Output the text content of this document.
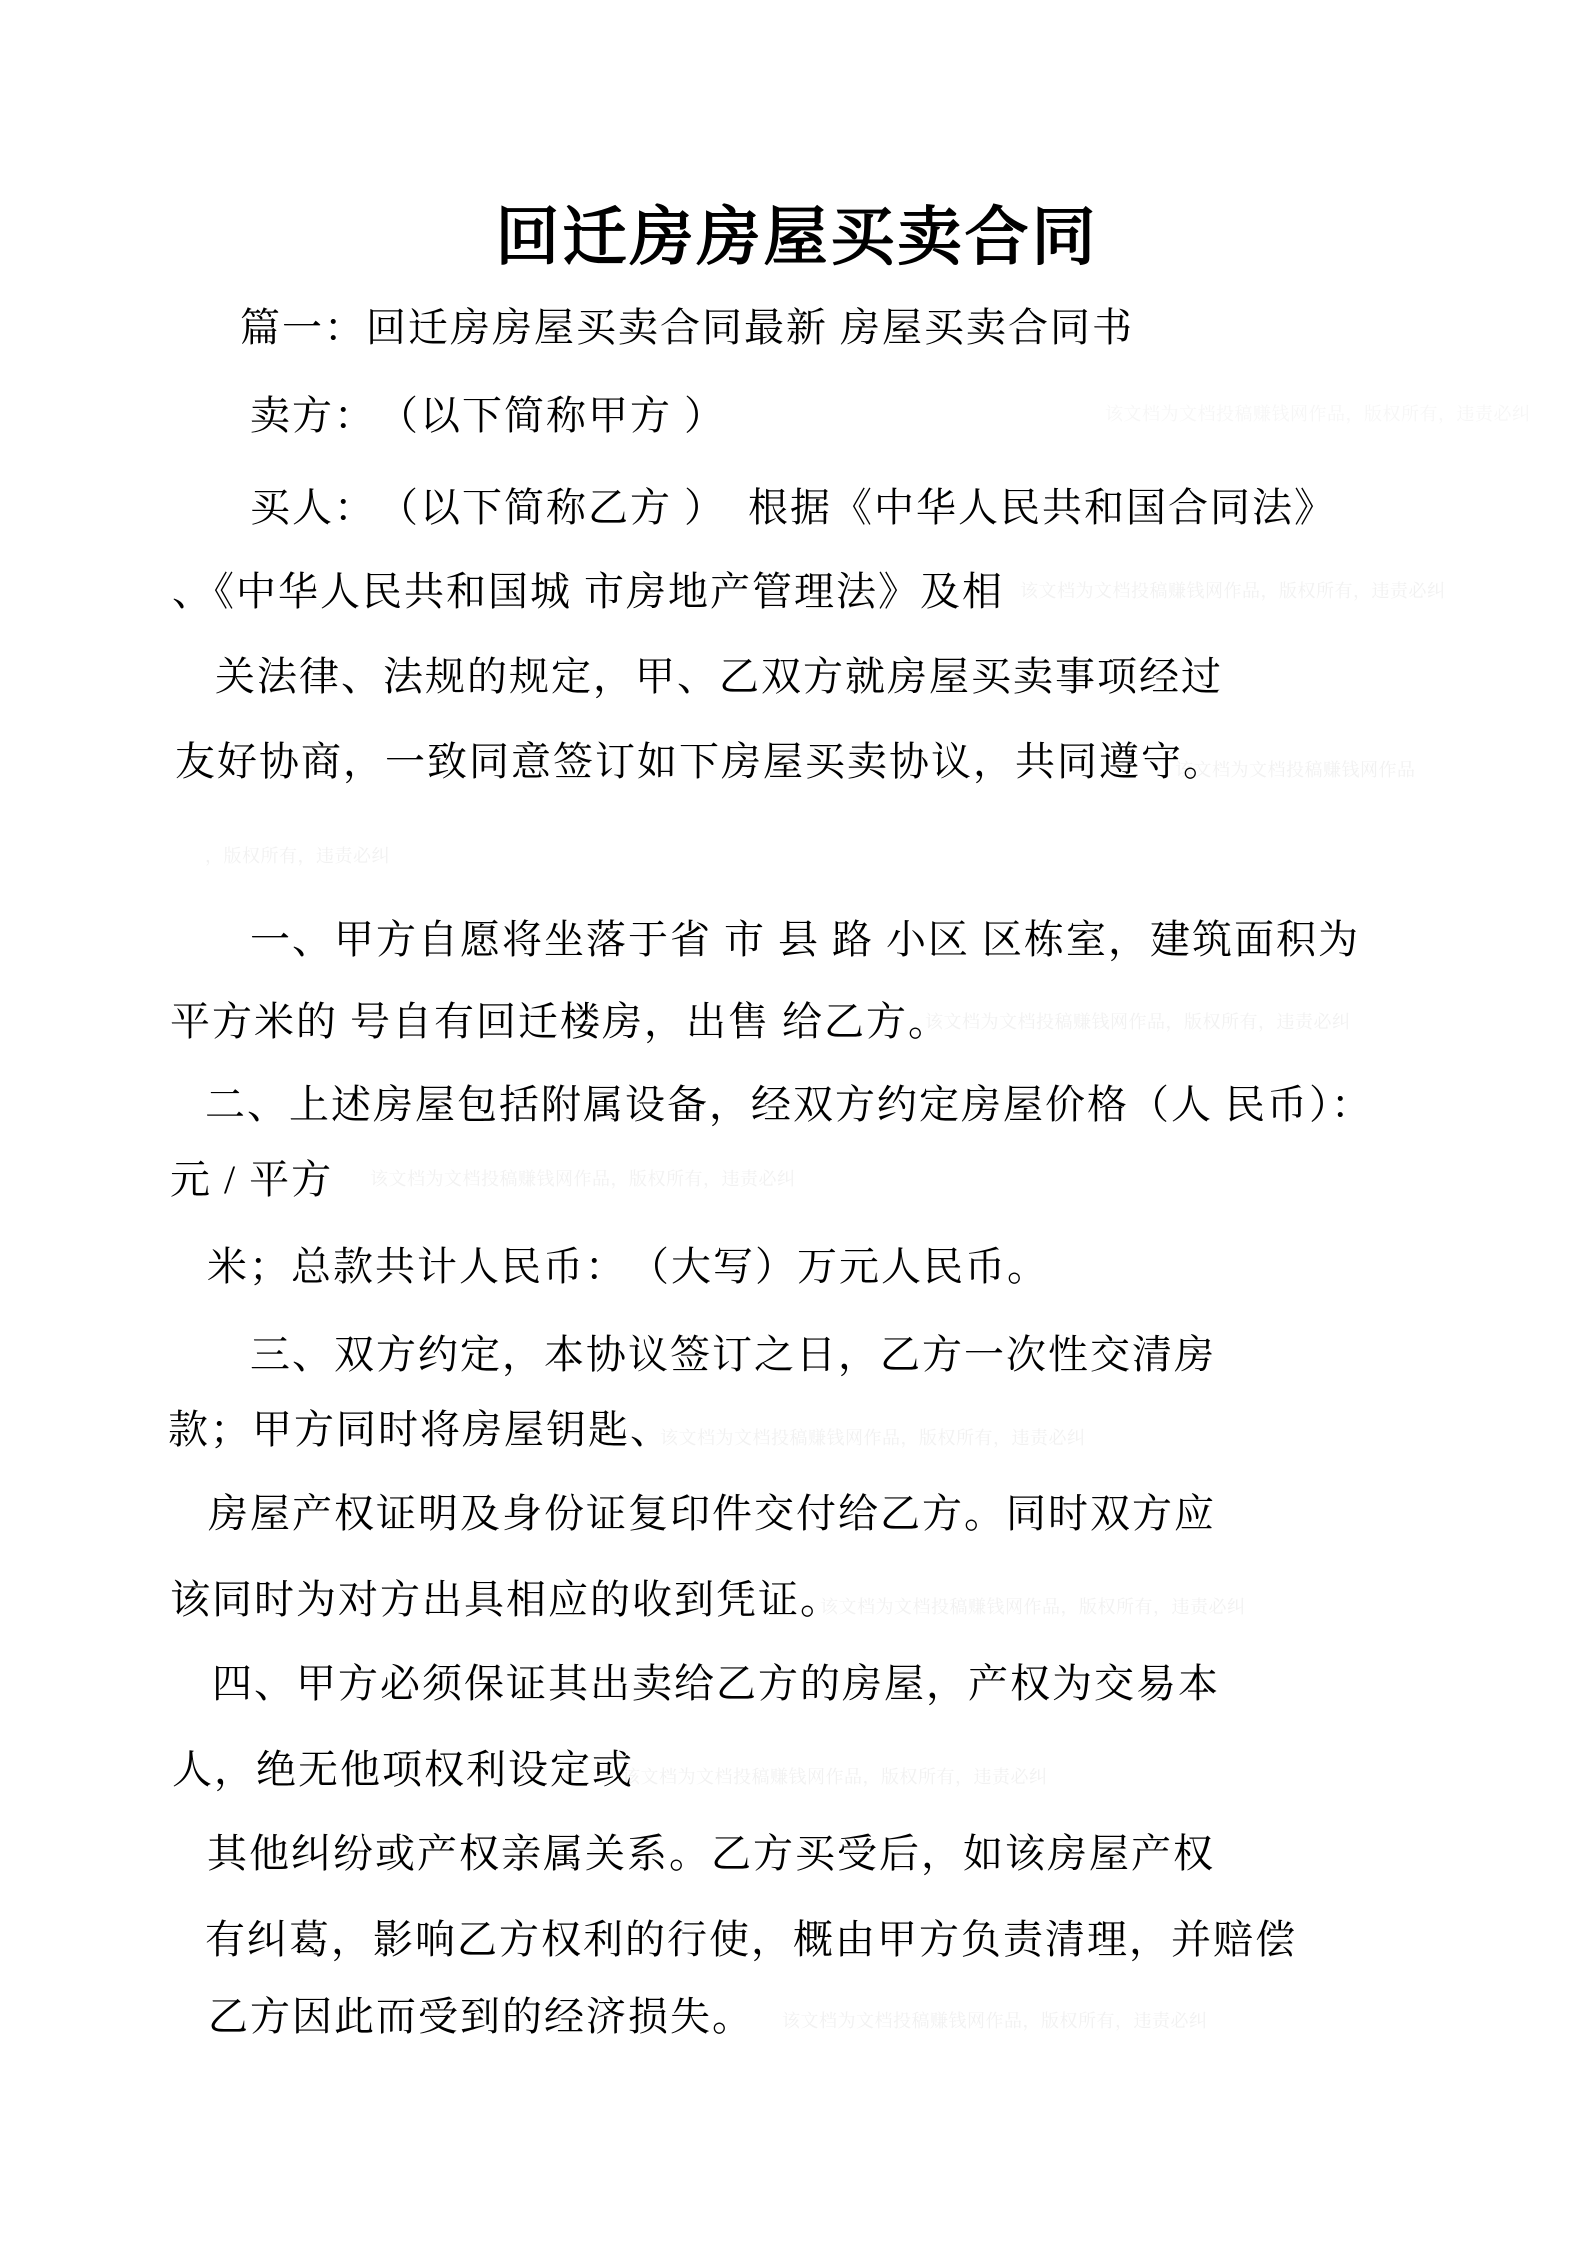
回迁房房屋买卖合同
该文档为文档投稿赚钱网作品，版权所有，违责必纠
该文档为文档投稿赚钱网作品，版权所有，违责必纠
该文档为文档投稿赚钱网作品
，版权所有，违责必纠
该文档为文档投稿赚钱网作品，版权所有，违责必纠
该文档为文档投稿赚钱网作品，版权所有，违责必纠
该文档为文档投稿赚钱网作品，版权所有，违责必纠
该文档为文档投稿赚钱网作品，版权所有，违责必纠
该文档为文档投稿赚钱网作品，版权所有，违责必纠
该文档为文档投稿赚钱网作品，版权所有，违责必纠
篇一：回迁房房屋买卖合同最新 房屋买卖合同书
卖方：　（以下简称甲方 ）
买人：　（以下简称乙方 ）　根据《中华人民共和国合同法》
、《中华人民共和国城 市房地产管理法》及相
关法律、法规的规定，甲、乙双方就房屋买卖事项经过
友好协商，一致同意签订如下房屋买卖协议，共同遵守。
一、甲方自愿将坐落于省 市 县 路 小区 区栋室，建筑面积为
平方米的 号自有回迁楼房，出售 给乙方。
二、上述房屋包括附属设备，经双方约定房屋价格（人 民币）：
元 / 平方
米；总款共计人民币：　（大写）万元人民币。
三、双方约定，本协议签订之日，乙方一次性交清房
款；甲方同时将房屋钥匙、
房屋产权证明及身份证复印件交付给乙方。同时双方应
该同时为对方出具相应的收到凭证。
四、甲方必须保证其出卖给乙方的房屋，产权为交易本
人，绝无他项权利设定或
其他纠纷或产权亲属关系。乙方买受后，如该房屋产权
有纠葛，影响乙方权利的行使，概由甲方负责清理，并赔偿
乙方因此而受到的经济损失。
